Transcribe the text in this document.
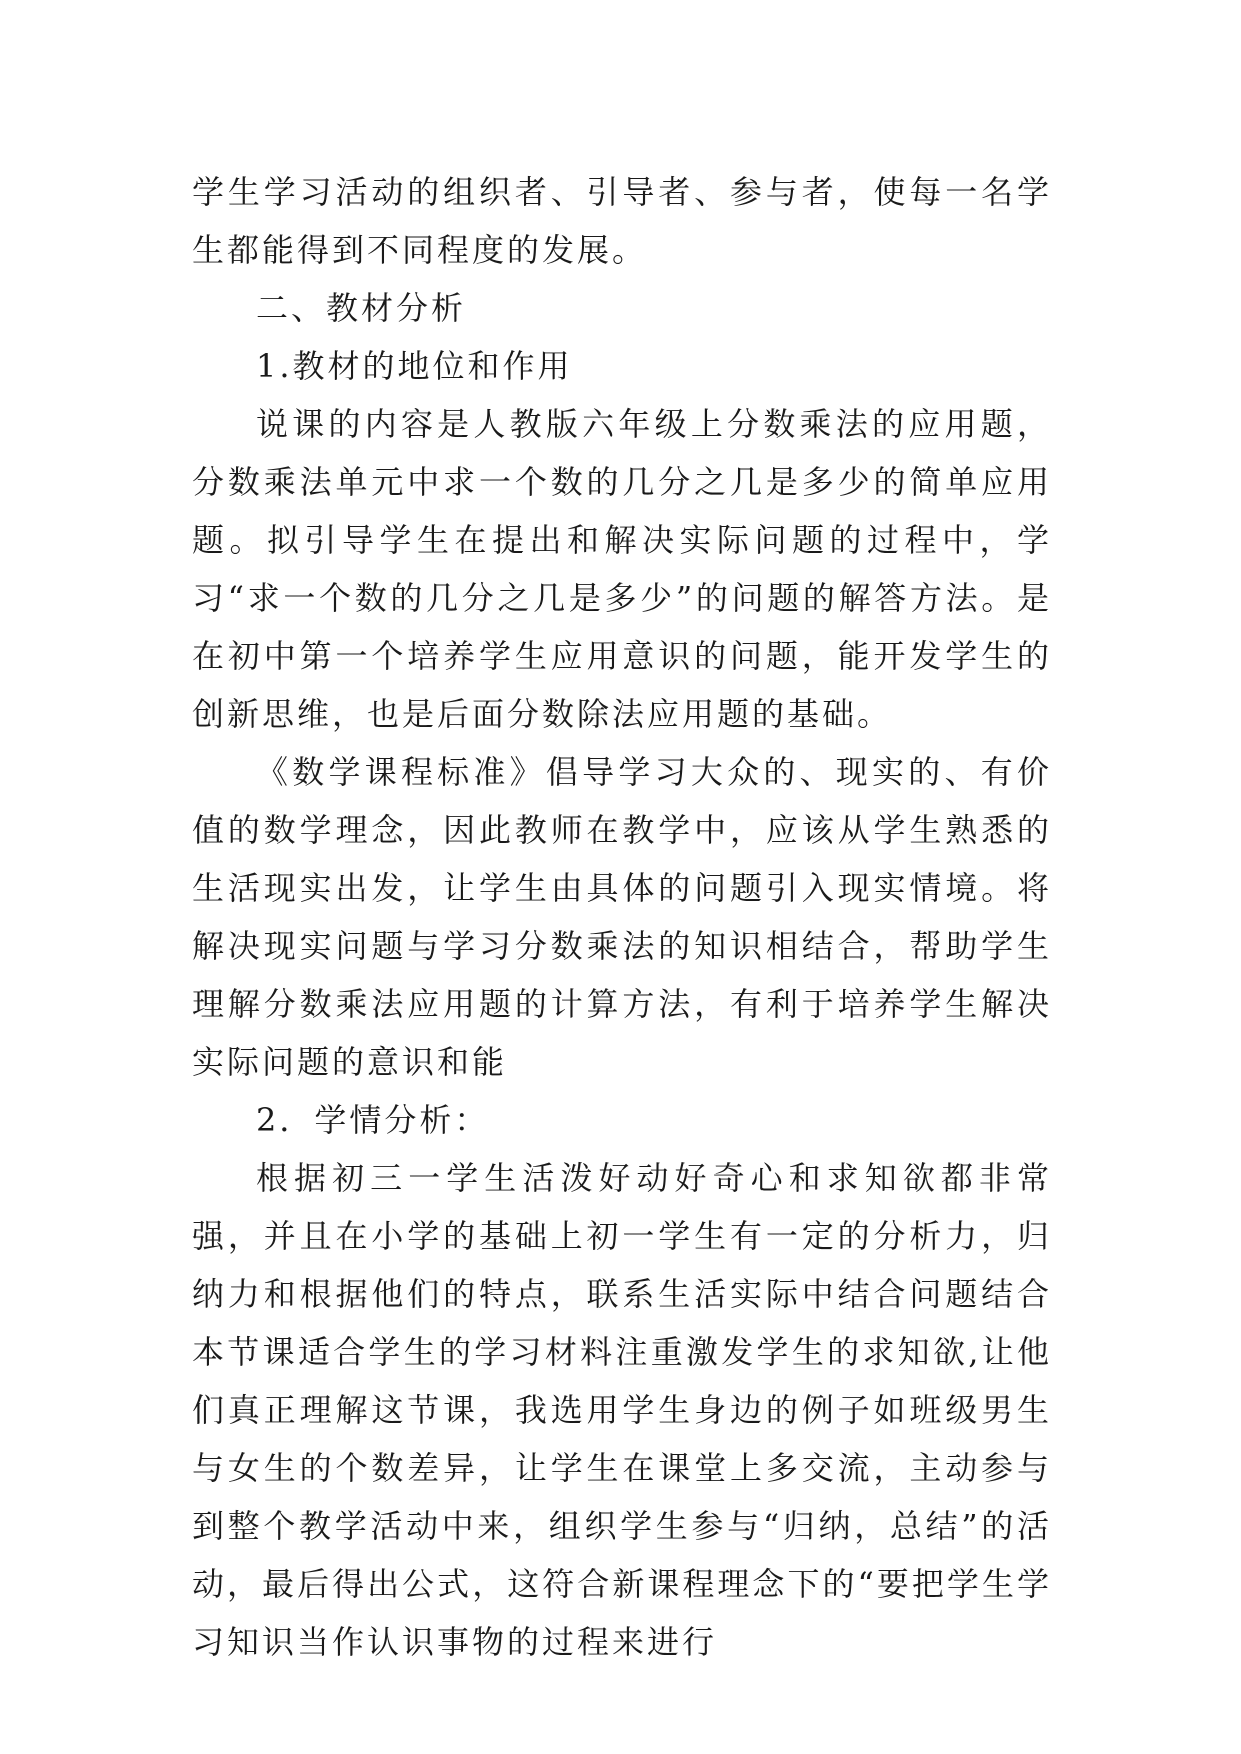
学生学习活动的组织者、引导者、参与者，使每一名学生都能得到不同程度的发展。

二、教材分析

1.教材的地位和作用

说课的内容是人教版六年级上分数乘法的应用题，分数乘法单元中求一个数的几分之几是多少的简单应用题。拟引导学生在提出和解决实际问题的过程中，学习“求一个数的几分之几是多少”的问题的解答方法。是在初中第一个培养学生应用意识的问题，能开发学生的创新思维，也是后面分数除法应用题的基础。

《数学课程标准》倡导学习大众的、现实的、有价值的数学理念，因此教师在教学中，应该从学生熟悉的生活现实出发，让学生由具体的问题引入现实情境。将解决现实问题与学习分数乘法的知识相结合，帮助学生理解分数乘法应用题的计算方法，有利于培养学生解决实际问题的意识和能

2．学情分析：

根据初三一学生活泼好动好奇心和求知欲都非常强，并且在小学的基础上初一学生有一定的分析力，归纳力和根据他们的特点，联系生活实际中结合问题结合本节课适合学生的学习材料注重激发学生的求知欲,让他们真正理解这节课，我选用学生身边的例子如班级男生与女生的个数差异，让学生在课堂上多交流，主动参与到整个教学活动中来，组织学生参与“归纳，总结”的活动，最后得出公式，这符合新课程理念下的“要把学生学习知识当作认识事物的过程来进行
